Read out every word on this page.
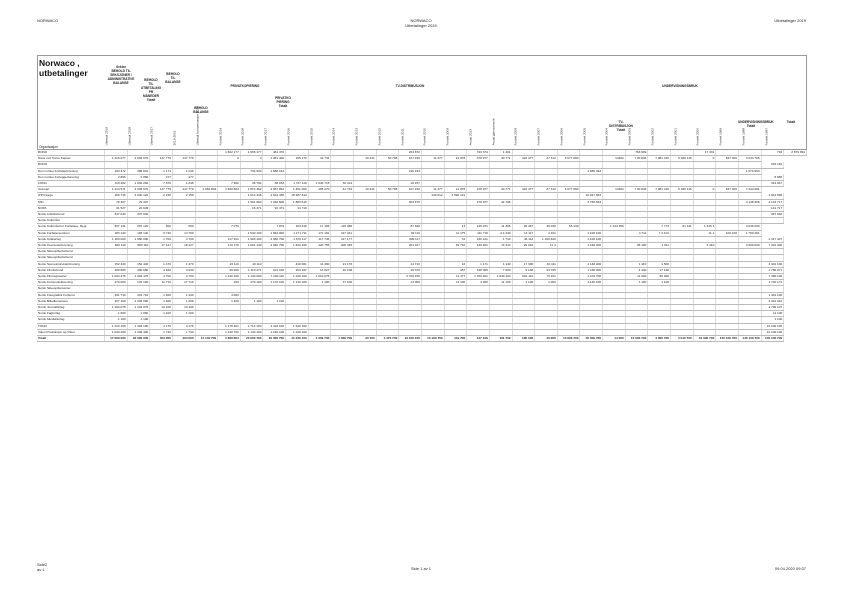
NORWACO	NORWACO
Utbetalinger 2019
Utbetalinger 2019
Norwaco ,
utbetalinger
Sektor
BEHOLD TIL
SEKSJONER /
ADMINISTRATIVE
BALANSE
BEHOLD
TIL
UTBETALING
PR
MÅNEDER
Totalt
BEHOLD
TIL
BALANSE
BEHOLD
BALANSE
PRIVATKOPIERING
PRIVATKO
PIERING
Totalt
TV-DISTRIBUSJON
TV-
DISTRIBUSJON
Totalt
UNDERVISNINGSBRUK
UNDERVISNINGSBRUK
Totalt
Totalt
Organisasjon
Utbetalt 2019	Utbetalt 2018	Utbetalt 2017	2019-2016	Utbetalt kompensasjon 2016	Fordelt 2019	Fordelt 2018	Fordelt 2017	Fordelt 2016	Fordelt 2015	Fordelt 2014	Fordelt 2013	Fordelt 2012	Fordelt 2011	Fordelt 2010	Fordelt 2009	Avsatt 2019	Avsatt gjennomsnitt	Fordelt 2008	Fordelt 2007	Fordelt 2006	Fordelt 2005	Fordelt 2004	Fordelt 2003	Fordelt 2002	Fordelt 2001	Fordelt 2000	Fordelt 1999	Fordelt 1998	Fordelt 1997
BONO						1 662 177	1 666 177	461 470						264 872			743 374	1 401						763 999			17 301			794	2 679 994
Dans mot Tortur Kapsel	1 416 077	4 636 670	147 779	147 779		0	0	1 451 400	105 270	41 734		10 241	50 798	107 150	11 377	21 878	478 977	40 771	422 477	27 312	6 077 660		14462	7 00 846	7 081 416	5 030 116	0	847 400	3 244 765		
BONO																														316 181	
Den norske Forfatterforening	194 372	396 601	1 171	1 246			734 930	1 680 161						196 193								1 685 393							1 570 993		
Den norske Forleggerforening	2 866	2 866	477	477																										5 866	
FONO	110 462	1 634 284	7 876	1 246		7 962	46 794	38 163	1 727 116	1 640 715	30 414			10 157																341 847	
Gramart	1 414 571	4 636 670	147 779	147 779	1 660 804	1 660 804	1 874 362	4 067 891	1 451 000	105 270	41 734	10 241	50 798	107 150	11 377	21 878	478 977	40 771	422 477	27 312	6 077 660		14462	7 00 846	7 081 416	5 030 116	0	847 400	7 244 681		
IFPI Norge	160 716	4 640 124	2 150	2 150			1 614 436	4 614 436	18 487 614						130 612	3 590 121						16 947 843								1 914 996	
MIC	79 307	79 307					1 561 600	1 240 606	1 883 616					304 470			478 977	44 796				3 760 663							4 148 466	4 143 717	
NOPA	31 527	24 649					16 471	16 471	14 719																					141 717	
Norsk Artistforbund	347 040	347 040																												347 040	
Norsk Kulturråd																															
Norsk Kulturråd for Forfattere, Regi	307 141	287 120	600	650		7 079		7 079	104 616	17 196	115 486			87 460		13	145 071	11 395	20 467	45 030	55 139		1 144 356		7 773	91 411	1 345 3		4 036 000		
Norsk Forfattersentrum	183 140	183 140	9 740	14 760			1 540 100	1 664 000	1 171 711	171 181	317 341			39 110		11 175	111 716	2 4 440	13 117	4 101		1 100 100		4 711	7 4 101		11 1	100 440	1 700 461		
Norsk Kritikerlag	1 160 000	1 660 000	1 700	4 700		117 461	1 900 100	4 060 700	1 670 117	117 745	417 177			309 117		31	130 101	1 710	46 114	1 160 400		1 100 100								4 317 447	
Norsk Oversetterforening	600 110	880 110	17 127	18 127		170 176	1 601 140	4 060 700	1 643 106	120 756	406 345			201 917		49 710	130 401	74 410	29 016	11 4		1 160 400		45 100	1 011		3 410		4 000 000	7 401 400	
Norsk Skuespillerforbund																															
Norsk Skuespillerforbund																															
Norsk Sceneinstruktørforening	152 440	152 440	1 470	1 470		10 110	10 110		410 001	11 460	21 176			14 710		16	1 171	4 140	17 300	10 411		1 140 400		1 410	1 500					4 401 100	
Norsk Filmforbund	400 680	400 680	4 640	4 640		49 460	1 110 471	101 100	154 167	13 627	10 108			49 370		457	148 000	7 600	9 108	44 705		1 160 400		4 440	17 100					1 780 071	
Norsk Filmregissører	1 004 476	1 004 476	4 700	4 700		1 140 100	1 140 000	7 100 110	1 130 100	1 010 076				2 700 150		11 477	1 700 401	1 840 100	601 110	70 101		1 104 700		11 000	50 000					7 460 100	
Norsk Komponistforening	170 000	176 100	11 710	17 710		100	170 100	1 170 100	1 140 100	1 100	17 100			14 000		11 100	4 000	11 100	1 100	1 000		1 140 100		1 100	1 100					1 740 171	
Norsk Skuespillersenter																															
Norsk Fotografisk Forbund	431 710	431 710	1 400	1 440		4 000																								1 461 100	
Norsk Billedkunstnere	107 100	1 046 000	1 406	1 406		1 400	1 100	1 100																						4 441 010	
Norsk Journalistlag	1 104 076	1 104 076	14 100	14 100																										1 700 107	
Norsk Fagforlag	1 660	1 660	1 100	1 100																										11 100	
Norsk Musikkforlag	1 100	1 100																												1 100	
TONO	1 410 100	1 404 100	4 176	4 176		1 176 401	1 714 100	4 110 100	1 640 100																					10 100 100	
Viken Produksjon og Viken	1 040 400	1 046 400	1 740	1 740		1 140 700	1 140 100	1 140 100	1 140 100																					10 100 100	
Totalt	17 000 000	40 000 000	404 000	404 000	11 140 700	1 660 804	20 000 700	40 000 700	41 040 100	1 000 700	1 000 700	20 700	4 470 700	10 100 100	10 100 700	101 700	147 100	101 700	100 100	40 000	10 000 700	40 000 700	14 000	10 000 700	4 000 700	4 010 700	10 000 700	140 100 700	140 100 700	140 100 700	
Side2
av 1	Side 1 av 1	09.04.2020 09:37
